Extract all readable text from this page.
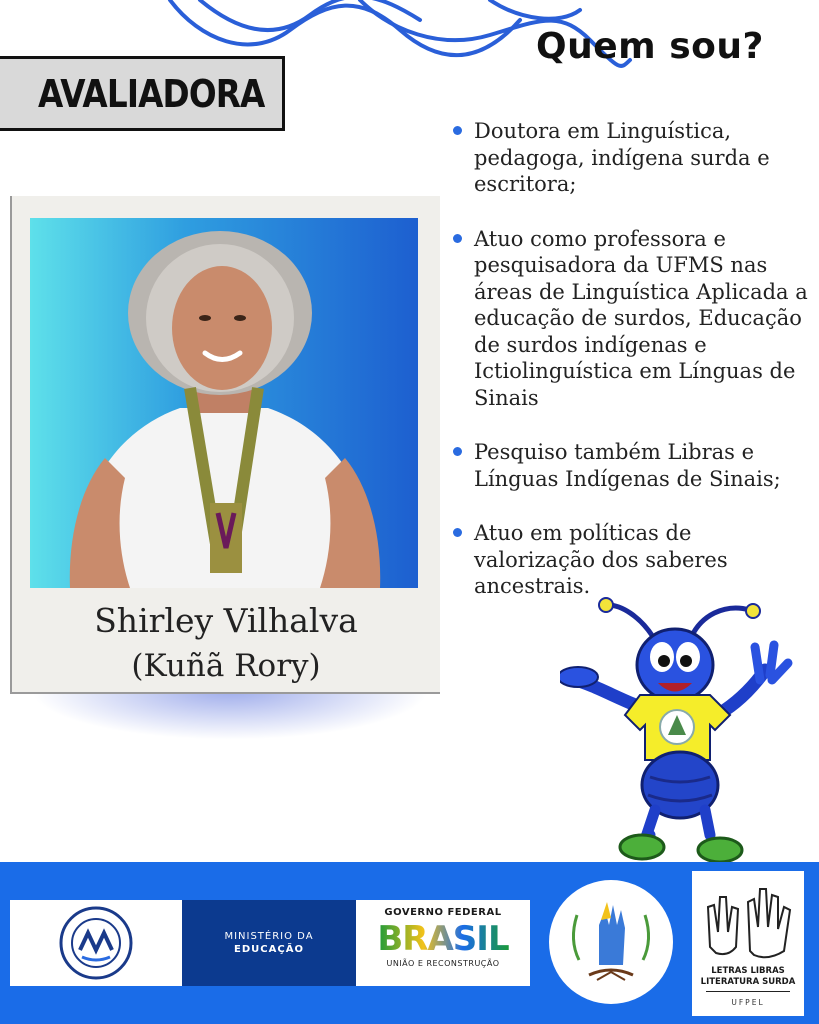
AVALIADORA
Quem sou?
Shirley Vilhalva
(Kuñã Rory)
Doutora em Linguística, pedagoga, indígena surda e escritora;
Atuo como professora e pesquisadora da UFMS nas áreas de Linguística Aplicada a educação de surdos, Educação de surdos indígenas e Ictiolinguística em Línguas de Sinais
Pesquiso também Libras e Línguas Indígenas de Sinais;
Atuo em políticas de valorização dos saberes ancestrais.
MINISTÉRIO DA
EDUCAÇÃO
GOVERNO FEDERAL
BRASIL
UNIÃO E RECONSTRUÇÃO
LETRAS LIBRAS
LITERATURA SURDA
UFPEL
